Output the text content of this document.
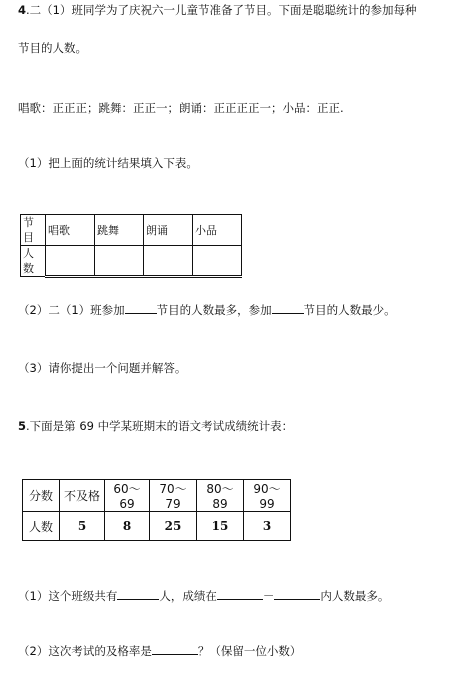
4.二（1）班同学为了庆祝六一儿童节准备了节目。下面是聪聪统计的参加每种
节目的人数。
唱歌：正正正；跳舞：正正一；朗诵：正正正正一；小品：正正.
（1）把上面的统计结果填入下表。
节目	唱歌	跳舞	朗诵	小品
人数				
（2）二（1）班参加	节目的人数最多，参加	节目的人数最少。
（3）请你提出一个问题并解答。
5.下面是第 69 中学某班期末的语文考试成绩统计表：
分数	不及格	60～69	70～79	80～89	90～99
人数	5	8	25	15	3
（1）这个班级共有	人，成绩在	－	内人数最多。
（2）这次考试的及格率是	？（保留一位小数）
